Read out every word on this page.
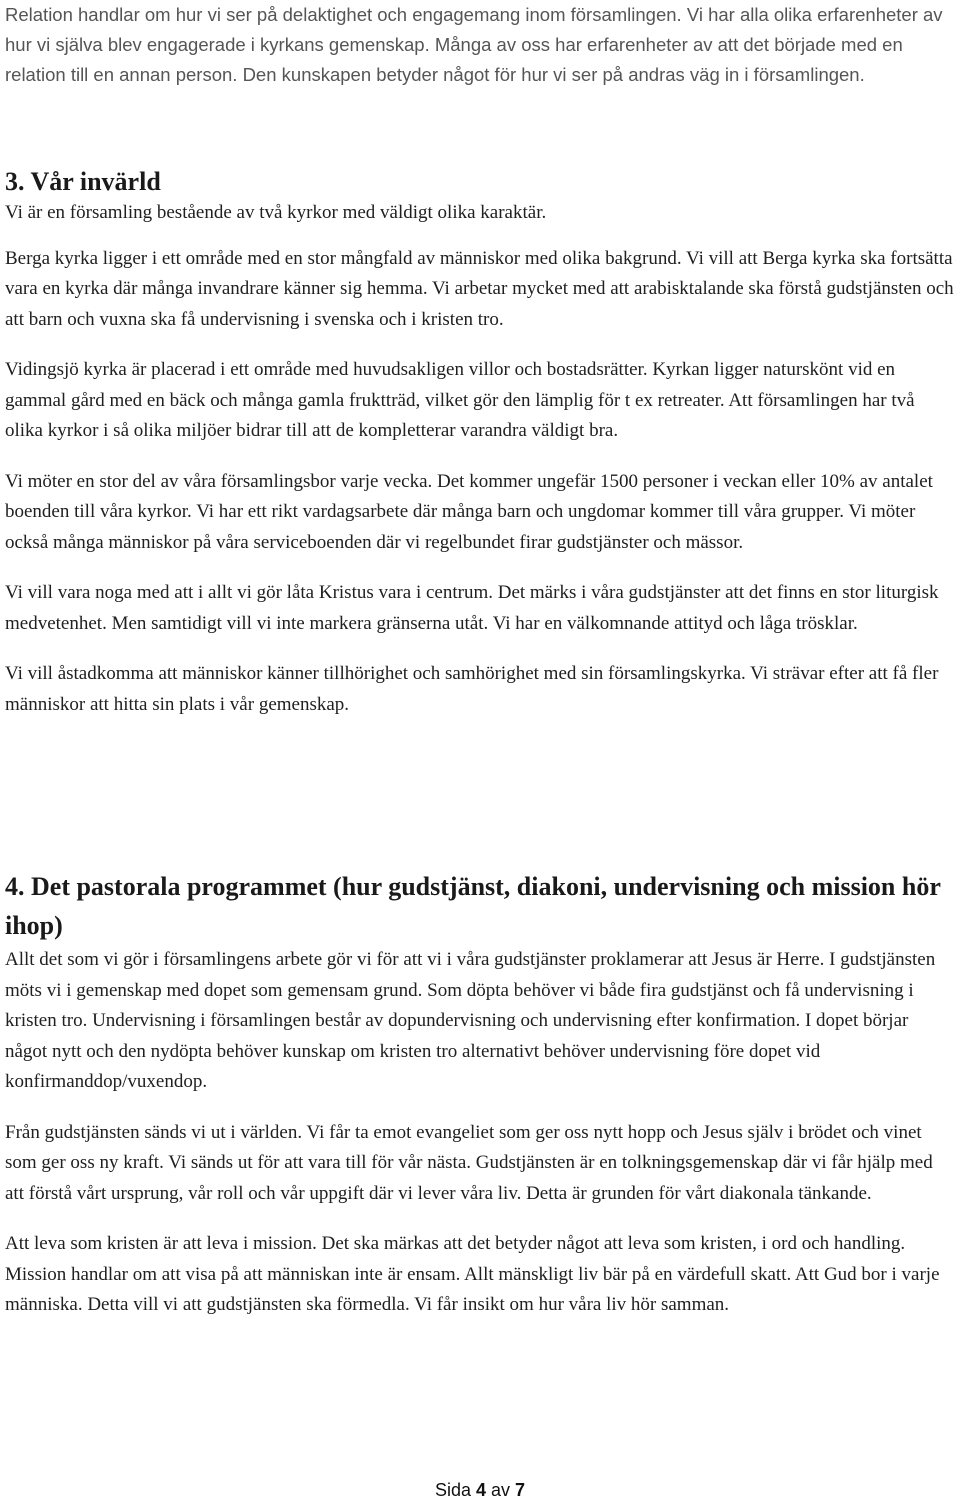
Relation handlar om hur vi ser på delaktighet och engagemang inom församlingen. Vi har alla olika erfarenheter av hur vi själva blev engagerade i kyrkans gemenskap. Många av oss har erfarenheter av att det började med en relation till en annan person. Den kunskapen betyder något för hur vi ser på andras väg in i församlingen.
3. Vår invärld

Vi är en församling bestående av två kyrkor med väldigt olika karaktär.

Berga kyrka ligger i ett område med en stor mångfald av människor med olika bakgrund. Vi vill att Berga kyrka ska fortsätta vara en kyrka där många invandrare känner sig hemma. Vi arbetar mycket med att arabisktalande ska förstå gudstjänsten och att barn och vuxna ska få undervisning i svenska och i kristen tro.

Vidingsjö kyrka är placerad i ett område med huvudsakligen villor och bostadsrätter. Kyrkan ligger naturskönt vid en gammal gård med en bäck och många gamla fruktträd, vilket gör den lämplig för t ex retreater. Att församlingen har två olika kyrkor i så olika miljöer bidrar till att de kompletterar varandra väldigt bra.

Vi möter en stor del av våra församlingsbor varje vecka. Det kommer ungefär 1500 personer i veckan eller 10% av antalet boenden till våra kyrkor. Vi har ett rikt vardagsarbete där många barn och ungdomar kommer till våra grupper. Vi möter också många människor på våra serviceboenden där vi regelbundet firar gudstjänster och mässor.

Vi vill vara noga med att i allt vi gör låta Kristus vara i centrum. Det märks i våra gudstjänster att det finns en stor liturgisk medvetenhet. Men samtidigt vill vi inte markera gränserna utåt. Vi har en välkomnande attityd och låga trösklar.

Vi vill åstadkomma att människor känner tillhörighet och samhörighet med sin församlingskyrka. Vi strävar efter att få fler människor att hitta sin plats i vår gemenskap.

4. Det pastorala programmet (hur gudstjänst, diakoni, undervisning och mission hör ihop)

Allt det som vi gör i församlingens arbete gör vi för att vi i våra gudstjänster proklamerar att Jesus är Herre. I gudstjänsten möts vi i gemenskap med dopet som gemensam grund. Som döpta behöver vi både fira gudstjänst och få undervisning i kristen tro. Undervisning i församlingen består av dopundervisning och undervisning efter konfirmation. I dopet börjar något nytt och den nydöpta behöver kunskap om kristen tro alternativt behöver undervisning före dopet vid konfirmanddop/vuxendop.

Från gudstjänsten sänds vi ut i världen. Vi får ta emot evangeliet som ger oss nytt hopp och Jesus själv i brödet och vinet som ger oss ny kraft. Vi sänds ut för att vara till för vår nästa. Gudstjänsten är en tolkningsgemenskap där vi får hjälp med att förstå vårt ursprung, vår roll och vår uppgift där vi lever våra liv. Detta är grunden för vårt diakonala tänkande.

Att leva som kristen är att leva i mission. Det ska märkas att det betyder något att leva som kristen, i ord och handling. Mission handlar om att visa på att människan inte är ensam. Allt mänskligt liv bär på en värdefull skatt. Att Gud bor i varje människa. Detta vill vi att gudstjänsten ska förmedla. Vi får insikt om hur våra liv hör samman.

Sida 4 av 7
